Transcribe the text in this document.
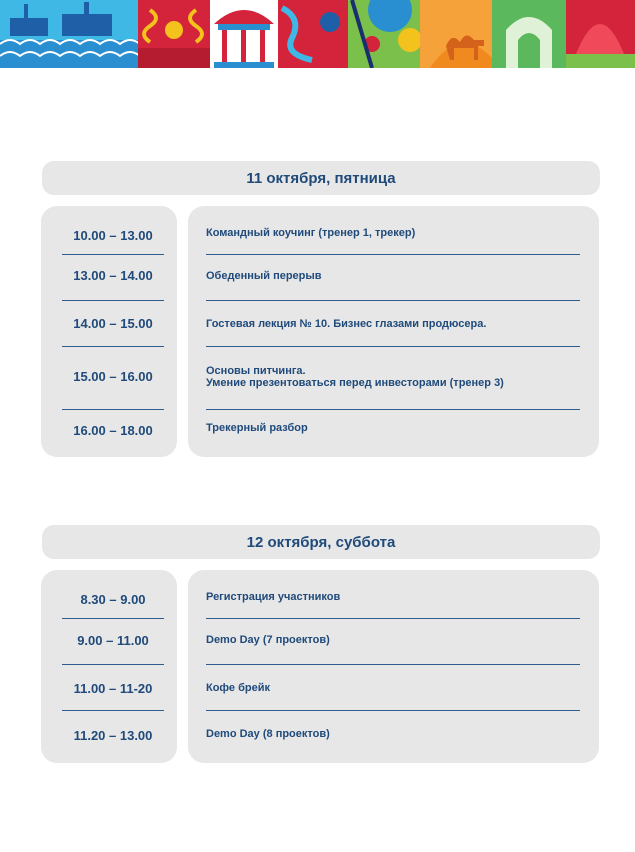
11 октября, пятница
10.00 – 13.00
13.00 – 14.00
14.00 – 15.00
15.00 – 16.00
16.00 – 18.00
Командный коучинг (тренер 1, трекер)
Обеденный перерыв
Гостевая лекция № 10. Бизнес глазами продюсера.
Основы питчинга.
Умение презентоваться перед инвесторами (тренер 3)
Трекерный разбор
12 октября, суббота
8.30 – 9.00
9.00 – 11.00
11.00 – 11-20
11.20 – 13.00
Регистрация участников
Demo Day (7 проектов)
Кофе брейк
Demo Day (8 проектов)
